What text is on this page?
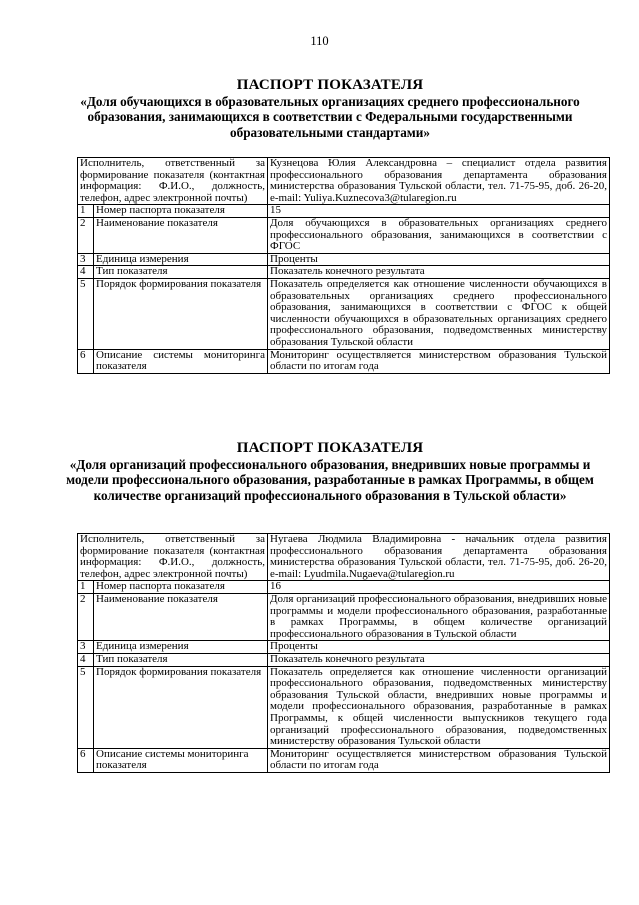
110
ПАСПОРТ ПОКАЗАТЕЛЯ
«Доля обучающихся в образовательных организациях среднего профессионального образования, занимающихся в соответствии с Федеральными государственными образовательными стандартами»
Исполнитель, ответственный за формирование показателя (контактная информация: Ф.И.О., должность, телефон, адрес электронной почты)		Кузнецова Юлия Александровна – специалист отдела развития профессионального образования департамента образования министерства образования Тульской области, тел. 71-75-95, доб. 26-20, e-mail: Yuliya.Kuznecova3@tularegion.ru
1	Номер паспорта показателя	15
2	Наименование показателя	Доля обучающихся в образовательных организациях среднего профессионального образования, занимающихся в соответствии с ФГОС
3	Единица измерения	Проценты
4	Тип показателя	Показатель конечного результата
5	Порядок формирования показателя	Показатель определяется как отношение численности обучающихся в образовательных организациях среднего профессионального образования, занимающихся в соответствии с ФГОС к общей численности обучающихся в образовательных организациях среднего профессионального образования, подведомственных министерству образования Тульской области
6	Описание системы мониторинга показателя	Мониторинг осуществляется министерством образования Тульской области по итогам года
ПАСПОРТ ПОКАЗАТЕЛЯ
«Доля организаций профессионального образования, внедривших новые программы и модели профессионального образования, разработанные в рамках Программы, в общем количестве организаций профессионального образования в Тульской области»
Исполнитель, ответственный за формирование показателя (контактная информация: Ф.И.О., должность, телефон, адрес электронной почты)		Нугаева Людмила Владимировна - начальник отдела развития профессионального образования департамента образования министерства образования Тульской области, тел. 71-75-95, доб. 26-20, e-mail: Lyudmila.Nugaeva@tularegion.ru
1	Номер паспорта показателя	16
2	Наименование показателя	Доля организаций профессионального образования, внедривших новые программы и модели профессионального образования, разработанные в рамках Программы, в общем количестве организаций профессионального образования в Тульской области
3	Единица измерения	Проценты
4	Тип показателя	Показатель конечного результата
5	Порядок формирования показателя	Показатель определяется как отношение численности организаций профессионального образования, подведомственных министерству образования Тульской области, внедривших новые программы и модели профессионального образования, разработанные в рамках Программы, к общей численности выпускников текущего года организаций профессионального образования, подведомственных министерству образования Тульской области
6	Описание системы мониторинга показателя	Мониторинг осуществляется министерством образования Тульской области по итогам года
